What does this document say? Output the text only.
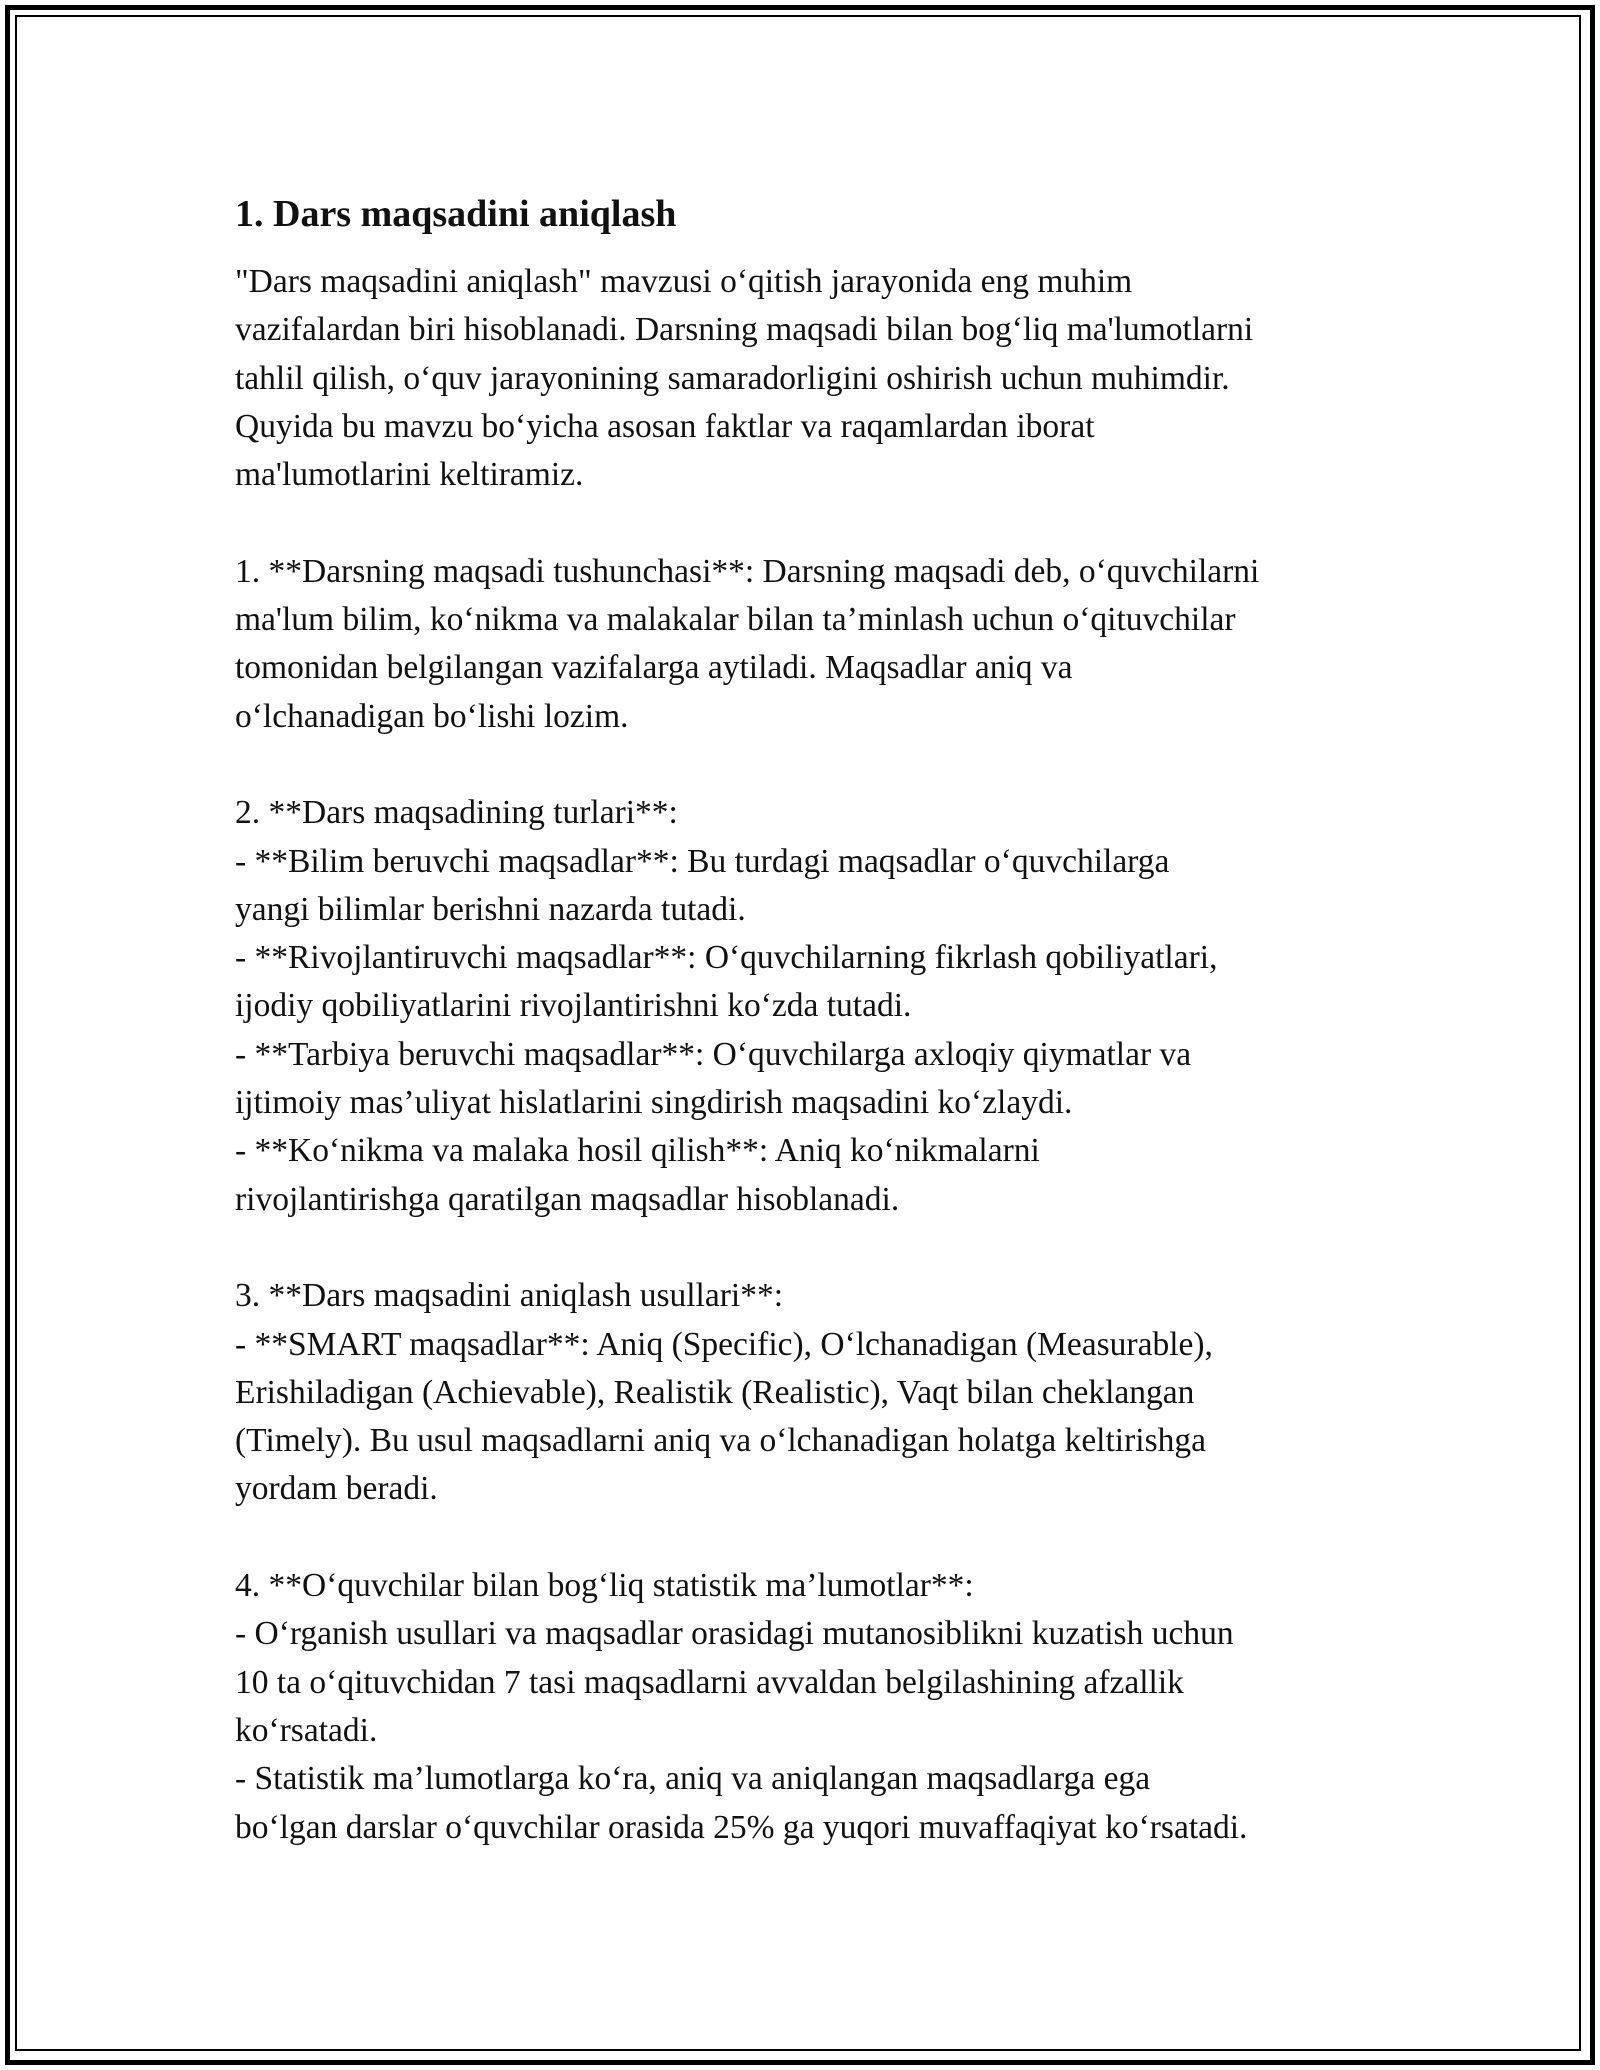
1. Dars maqsadini aniqlash

"Dars maqsadini aniqlash" mavzusi o‘qitish jarayonida eng muhim
vazifalardan biri hisoblanadi. Darsning maqsadi bilan bog‘liq ma'lumotlarni
tahlil qilish, o‘quv jarayonining samaradorligini oshirish uchun muhimdir.
Quyida bu mavzu bo‘yicha asosan faktlar va raqamlardan iborat
ma'lumotlarini keltiramiz.

1. **Darsning maqsadi tushunchasi**: Darsning maqsadi deb, o‘quvchilarni
ma'lum bilim, ko‘nikma va malakalar bilan ta’minlash uchun o‘qituvchilar
tomonidan belgilangan vazifalarga aytiladi. Maqsadlar aniq va
o‘lchanadigan bo‘lishi lozim.

2. **Dars maqsadining turlari**:
- **Bilim beruvchi maqsadlar**: Bu turdagi maqsadlar o‘quvchilarga
yangi bilimlar berishni nazarda tutadi.
- **Rivojlantiruvchi maqsadlar**: O‘quvchilarning fikrlash qobiliyatlari,
ijodiy qobiliyatlarini rivojlantirishni ko‘zda tutadi.
- **Tarbiya beruvchi maqsadlar**: O‘quvchilarga axloqiy qiymatlar va
ijtimoiy mas’uliyat hislatlarini singdirish maqsadini ko‘zlaydi.
- **Ko‘nikma va malaka hosil qilish**: Aniq ko‘nikmalarni
rivojlantirishga qaratilgan maqsadlar hisoblanadi.

3. **Dars maqsadini aniqlash usullari**:
- **SMART maqsadlar**: Aniq (Specific), O‘lchanadigan (Measurable),
Erishiladigan (Achievable), Realistik (Realistic), Vaqt bilan cheklangan
(Timely). Bu usul maqsadlarni aniq va o‘lchanadigan holatga keltirishga
yordam beradi.

4. **O‘quvchilar bilan bog‘liq statistik ma’lumotlar**:
- O‘rganish usullari va maqsadlar orasidagi mutanosiblikni kuzatish uchun
10 ta o‘qituvchidan 7 tasi maqsadlarni avvaldan belgilashining afzallik
ko‘rsatadi.
- Statistik ma’lumotlarga ko‘ra, aniq va aniqlangan maqsadlarga ega
bo‘lgan darslar o‘quvchilar orasida 25% ga yuqori muvaffaqiyat ko‘rsatadi.
